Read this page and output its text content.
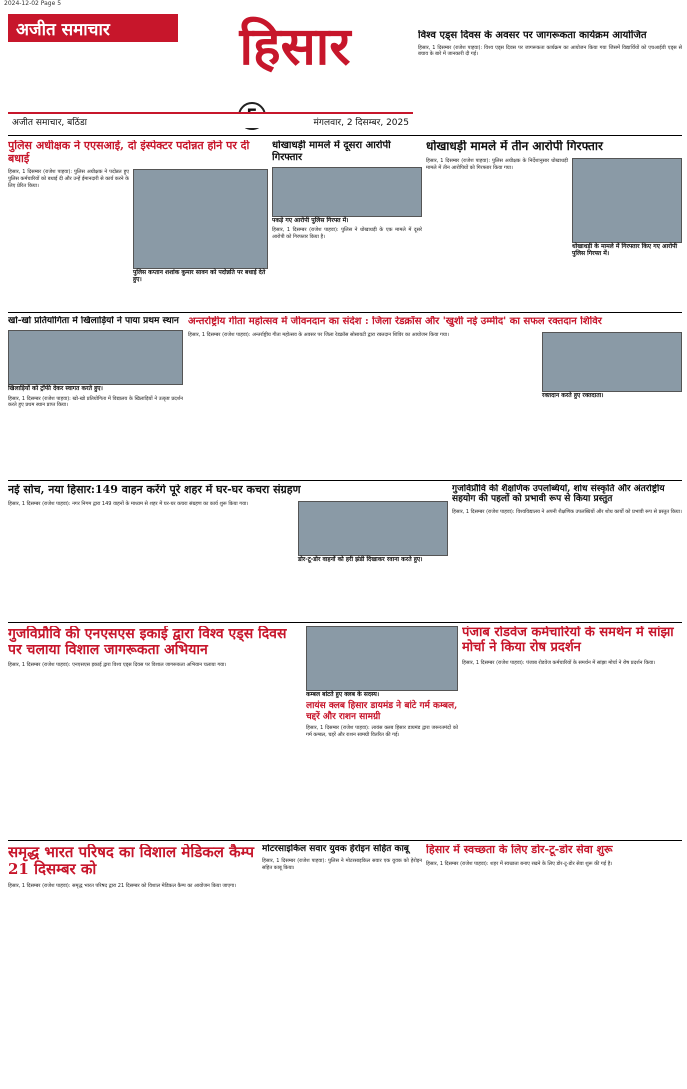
2024-12-02 Page 5
अजीत समाचार	हिसार
अजीत समाचार, बठिंडा	मंगलवार, 2 दिसम्बर, 2025
विश्व एड्स दिवस के अवसर पर जागरूकता कार्यक्रम आयोजित
हिसार, 1 दिसम्बर (राजेश पाहवा): विश्व एड्स दिवस पर जागरूकता कार्यक्रम का आयोजन किया गया जिसमें विद्यार्थियों को एचआईवी एड्स से बचाव के बारे में जानकारी दी गई।
पुलिस अधीक्षक ने एएसआई, दो इंस्पेक्टर पदोन्नत होने पर दी बधाई
हिसार, 1 दिसम्बर (राजेश पाहवा): पुलिस अधीक्षक ने पदोन्नत हुए पुलिस कर्मचारियों को बधाई दी और उन्हें ईमानदारी से कार्य करने के लिए प्रेरित किया।
पुलिस कप्तान शशांक कुमार सावन को पदोन्नति पर बधाई देते हुए।
धोखाधड़ी मामले में दूसरा आरोपी गिरफ्तार
पकड़े गए आरोपी पुलिस गिरफ्त में।
हिसार, 1 दिसम्बर (राजेश पाहवा): पुलिस ने धोखाधड़ी के एक मामले में दूसरे आरोपी को गिरफ्तार किया है।
धोखाधड़ी मामले में तीन आरोपी गिरफ्तार
हिसार, 1 दिसम्बर (राजेश पाहवा): पुलिस अधीक्षक के निर्देशानुसार धोखाधड़ी मामले में तीन आरोपियों को गिरफ्तार किया गया।
धोखाधड़ी के मामले में गिरफ्तार किए गए आरोपी पुलिस गिरफ्त में।
खो-खो प्रतियोगिता में खिलाड़ियों ने पाया प्रथम स्थान
खिलाड़ियों को ट्रॉफी देकर स्वागत करते हुए।
हिसार, 1 दिसम्बर (राजेश पाहवा): खो-खो प्रतियोगिता में विद्यालय के खिलाड़ियों ने उत्कृष्ट प्रदर्शन करते हुए प्रथम स्थान प्राप्त किया।
अन्तर्राष्ट्रीय गीता महोत्सव में जीवनदान का संदेश : जिला रेडक्रॉस और 'खुशी नई उम्मीद' का सफल रक्तदान शिविर
हिसार, 1 दिसम्बर (राजेश पाहवा): अन्तर्राष्ट्रीय गीता महोत्सव के अवसर पर जिला रेडक्रॉस सोसायटी द्वारा रक्तदान शिविर का आयोजन किया गया।
रक्तदान करते हुए रक्तदाता।
नई सोच, नया हिसार:149 वाहन करेंगे पूरे शहर में घर-घर कचरा संग्रहण
हिसार, 1 दिसम्बर (राजेश पाहवा): नगर निगम द्वारा 149 वाहनों के माध्यम से शहर में घर-घर कचरा संग्रहण का कार्य शुरू किया गया।
डोर-टू-डोर वाहनों को हरी झंडी दिखाकर रवाना करते हुए।
गुजविप्रौवि की शैक्षणिक उपलब्धियों, शोध संस्कृति और अंतर्राष्ट्रीय सहयोग की पहलों को प्रभावी रूप से किया प्रस्तुत
हिसार, 1 दिसम्बर (राजेश पाहवा): विश्वविद्यालय ने अपनी शैक्षणिक उपलब्धियों और शोध कार्यों को प्रभावी रूप से प्रस्तुत किया।
गुजविप्रौवि की एनएसएस इकाई द्वारा विश्व एड्स दिवस पर चलाया विशाल जागरूकता अभियान
हिसार, 1 दिसम्बर (राजेश पाहवा): एनएसएस इकाई द्वारा विश्व एड्स दिवस पर विशाल जागरूकता अभियान चलाया गया।
कम्बल बांटते हुए क्लब के सदस्य।
लायंस क्लब हिसार डायमंड ने बांटे गर्म कम्बल, चद्दरें और राशन सामग्री
हिसार, 1 दिसम्बर (राजेश पाहवा): लायंस क्लब हिसार डायमंड द्वारा जरूरतमंदों को गर्म कम्बल, चद्दरें और राशन सामग्री वितरित की गई।
पंजाब रोडवेज कर्मचारियों के समर्थन में सांझा मोर्चा ने किया रोष प्रदर्शन
हिसार, 1 दिसम्बर (राजेश पाहवा): पंजाब रोडवेज कर्मचारियों के समर्थन में सांझा मोर्चा ने रोष प्रदर्शन किया।
समृद्ध भारत परिषद का विशाल मेडिकल कैम्प 21 दिसम्बर को
हिसार, 1 दिसम्बर (राजेश पाहवा): समृद्ध भारत परिषद द्वारा 21 दिसम्बर को विशाल मेडिकल कैम्प का आयोजन किया जाएगा।
मोटरसाइकिल सवार युवक हेरोइन सहित काबू
हिसार, 1 दिसम्बर (राजेश पाहवा): पुलिस ने मोटरसाइकिल सवार एक युवक को हेरोइन सहित काबू किया।
हिसार में स्वच्छता के लिए डोर-टू-डोर सेवा शुरू
हिसार, 1 दिसम्बर (राजेश पाहवा): शहर में स्वच्छता बनाए रखने के लिए डोर-टू-डोर सेवा शुरू की गई है।
